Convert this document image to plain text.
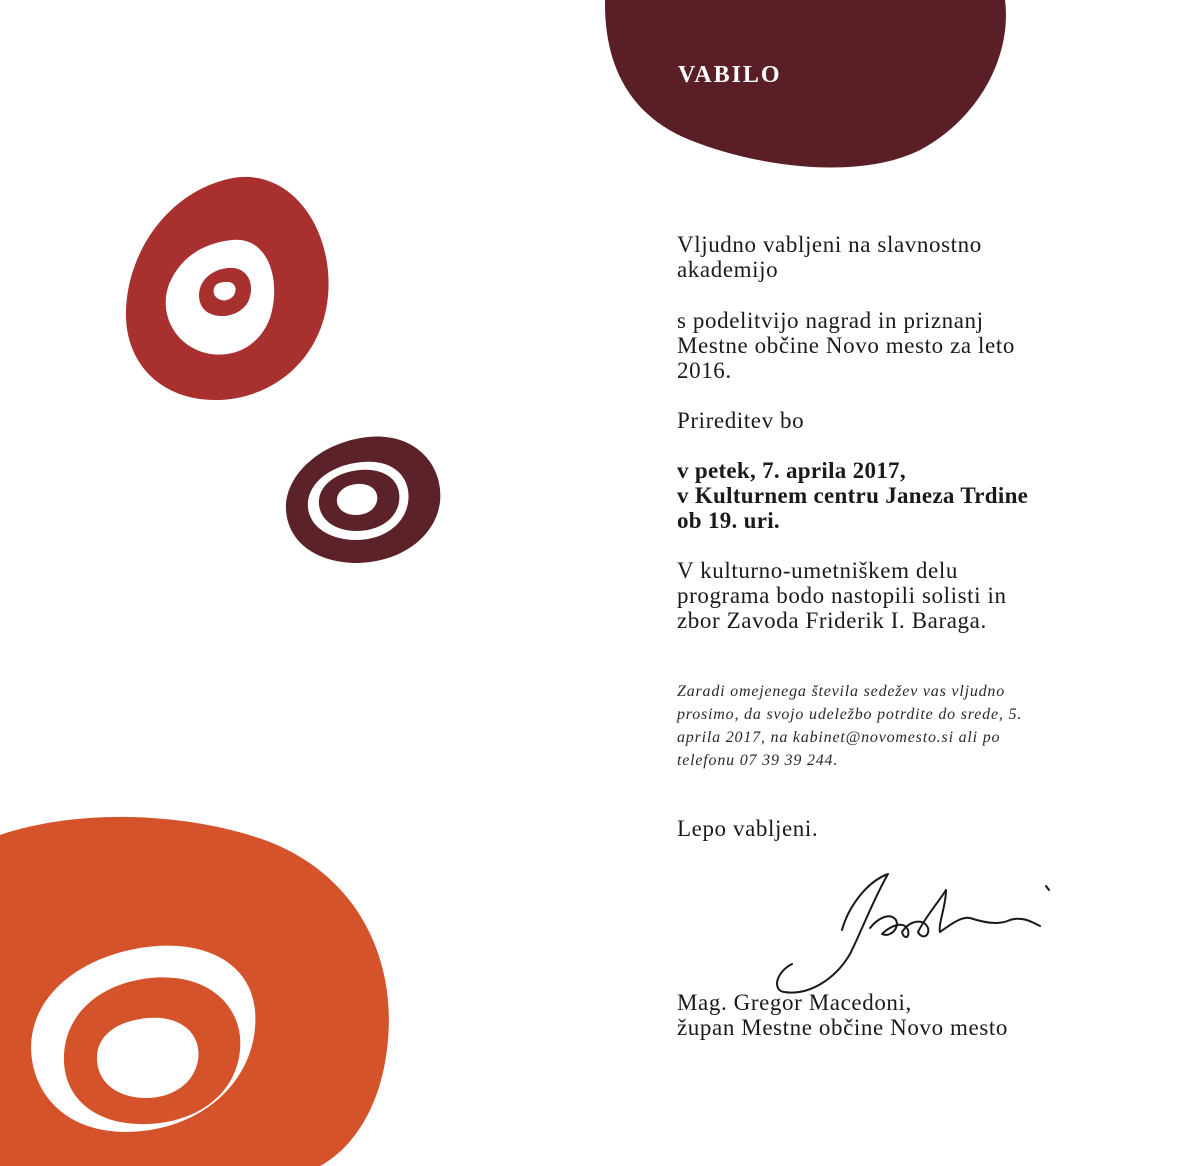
VABILO
Vljudno vabljeni na slavnostno
akademijo
s podelitvijo nagrad in priznanj
Mestne občine Novo mesto za leto
2016.
Prireditev bo
v petek, 7. aprila 2017,
v Kulturnem centru Janeza Trdine
ob 19. uri.
V kulturno-umetniškem delu
programa bodo nastopili solisti in
zbor Zavoda Friderik I. Baraga.
Zaradi omejenega števila sedežev vas vljudno
prosimo, da svojo udeležbo potrdite do srede, 5.
aprila 2017, na kabinet@novomesto.si ali po
telefonu 07 39 39 244.
Lepo vabljeni.
Mag. Gregor Macedoni,
župan Mestne občine Novo mesto
